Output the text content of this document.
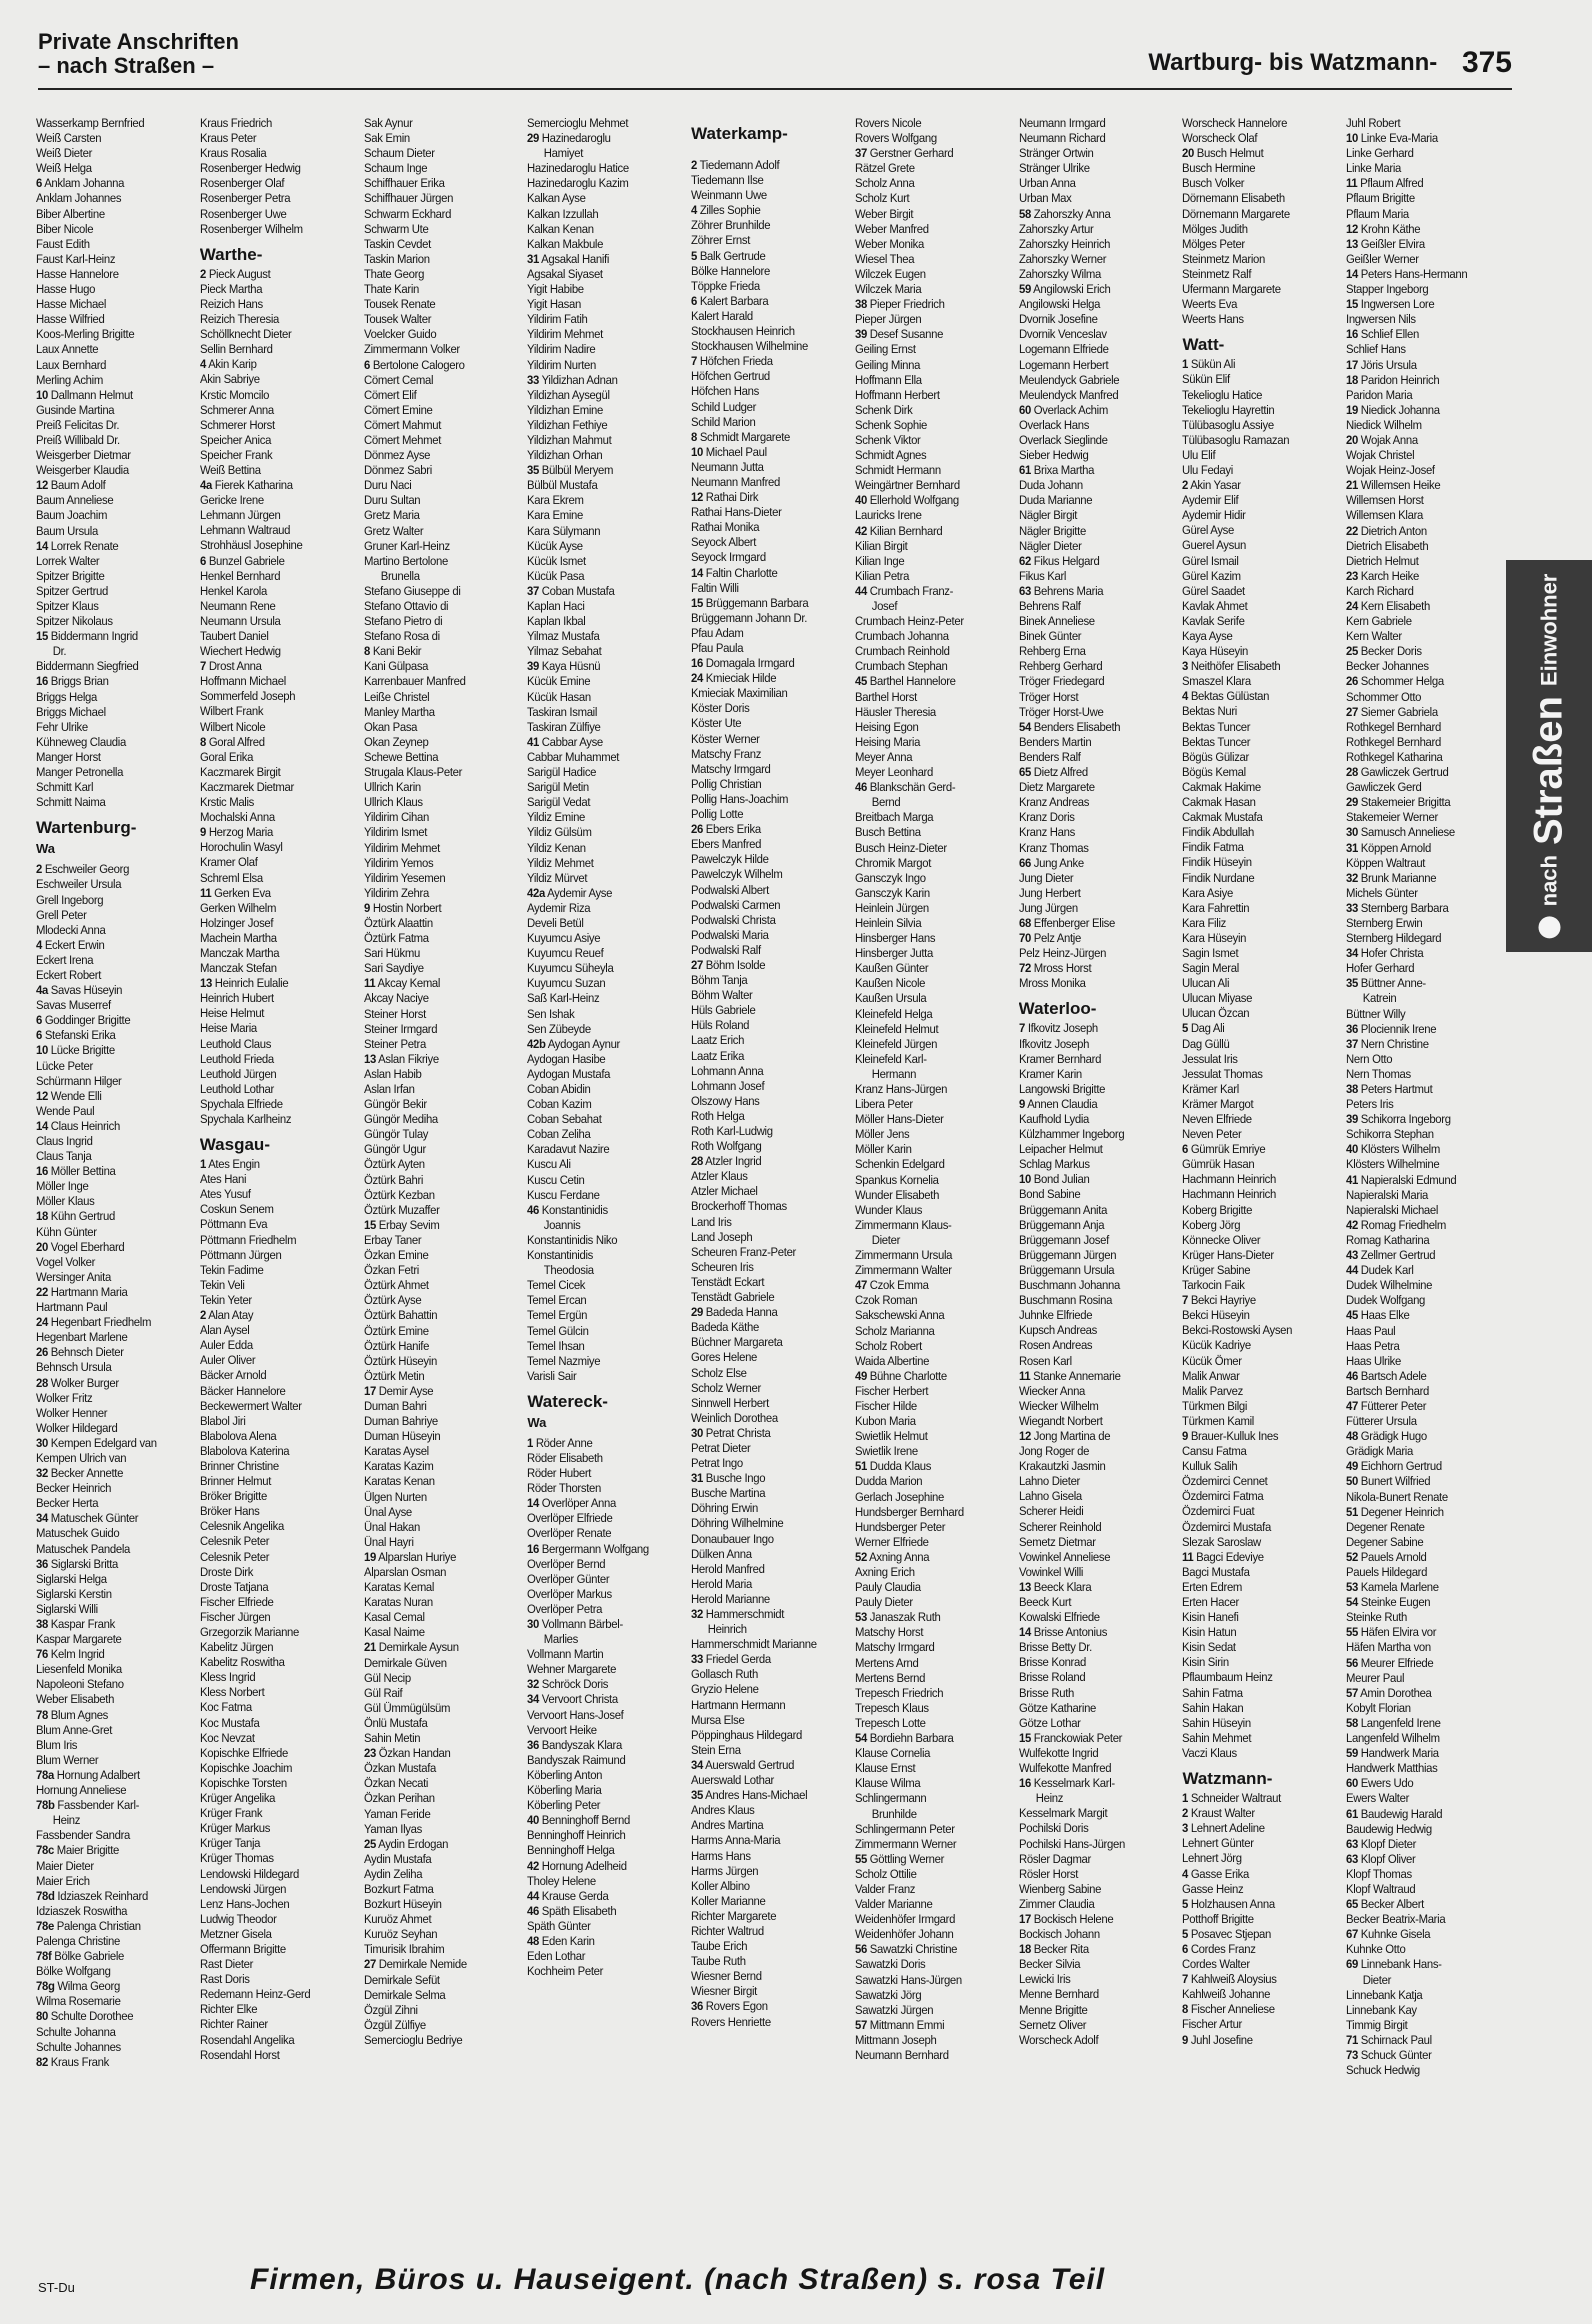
Private Anschriften
– nach Straßen –	Wartburg- bis Watzmann- 375
Wasserkamp Bernfried
Weiß Carsten
Weiß Dieter
Weiß Helga
6 Anklam Johanna
Anklam Johannes
Biber Albertine
Biber Nicole
Faust Edith
Faust Karl-Heinz
Hasse Hannelore
Hasse Hugo
Hasse Michael
Hasse Wilfried
Koos-Merling Brigitte
Laux Annette
Laux Bernhard
Merling Achim
10 Dallmann Helmut
Gusinde Martina
Preiß Felicitas Dr.
Preiß Willibald Dr.
Weisgerber Dietmar
Weisgerber Klaudia
12 Baum Adolf
Baum Anneliese
Baum Joachim
Baum Ursula
14 Lorrek Renate
Lorrek Walter
Spitzer Brigitte
Spitzer Gertrud
Spitzer Klaus
Spitzer Nikolaus
15 Biddermann Ingrid
Dr.
Biddermann Siegfried
16 Briggs Brian
Briggs Helga
Briggs Michael
Fehr Ulrike
Kühneweg Claudia
Manger Horst
Manger Petronella
Schmitt Karl
Schmitt Naima
Wartenburg-
Wa
2 Eschweiler Georg
Eschweiler Ursula
Grell Ingeborg
Grell Peter
Mlodecki Anna
4 Eckert Erwin
Eckert Irena
Eckert Robert
4a Savas Hüseyin
Savas Muserref
6 Goddinger Brigitte
6 Stefanski Erika
10 Lücke Brigitte
Lücke Peter
Schürmann Hilger
12 Wende Elli
Wende Paul
14 Claus Heinrich
Claus Ingrid
Claus Tanja
16 Möller Bettina
Möller Inge
Möller Klaus
18 Kühn Gertrud
Kühn Günter
20 Vogel Eberhard
Vogel Volker
Wersinger Anita
22 Hartmann Maria
Hartmann Paul
24 Hegenbart Friedhelm
Hegenbart Marlene
26 Behnsch Dieter
Behnsch Ursula
28 Wolker Burger
Wolker Fritz
Wolker Henner
Wolker Hildegard
30 Kempen Edelgard van
Kempen Ulrich van
32 Becker Annette
Becker Heinrich
Becker Herta
34 Matuschek Günter
Matuschek Guido
Matuschek Pandela
36 Siglarski Britta
Siglarski Helga
Siglarski Kerstin
Siglarski Willi
38 Kaspar Frank
Kaspar Margarete
76 Kelm Ingrid
Liesenfeld Monika
Napoleoni Stefano
Weber Elisabeth
78 Blum Agnes
Blum Anne-Gret
Blum Iris
Blum Werner
78a Hornung Adalbert
Hornung Anneliese
78b Fassbender Karl-
Heinz
Fassbender Sandra
78c Maier Brigitte
Maier Dieter
Maier Erich
78d Idziaszek Reinhard
Idziaszek Roswitha
78e Palenga Christian
Palenga Christine
78f Bölke Gabriele
Bölke Wolfgang
78g Wilma Georg
Wilma Rosemarie
80 Schulte Dorothee
Schulte Johanna
Schulte Johannes
82 Kraus Frank
Kraus Friedrich
Kraus Peter
Kraus Rosalia
Rosenberger Hedwig
Rosenberger Olaf
Rosenberger Petra
Rosenberger Uwe
Rosenberger Wilhelm
Warthe-
2 Pieck August
Pieck Martha
Reizich Hans
Reizich Theresia
Schöllknecht Dieter
Sellin Bernhard
4 Akin Karip
Akin Sabriye
Krstic Momcilo
Schmerer Anna
Schmerer Horst
Speicher Anica
Speicher Frank
Weiß Bettina
4a Fierek Katharina
Gericke Irene
Lehmann Jürgen
Lehmann Waltraud
Strohhäusl Josephine
6 Bunzel Gabriele
Henkel Bernhard
Henkel Karola
Neumann Rene
Neumann Ursula
Taubert Daniel
Wiechert Hedwig
7 Drost Anna
Hoffmann Michael
Sommerfeld Joseph
Wilbert Frank
Wilbert Nicole
8 Goral Alfred
Goral Erika
Kaczmarek Birgit
Kaczmarek Dietmar
Krstic Malis
Mochalski Anna
9 Herzog Maria
Horochulin Wasyl
Kramer Olaf
Schreml Elsa
11 Gerken Eva
Gerken Wilhelm
Holzinger Josef
Machein Martha
Manczak Martha
Manczak Stefan
13 Heinrich Eulalie
Heinrich Hubert
Heise Helmut
Heise Maria
Leuthold Claus
Leuthold Frieda
Leuthold Jürgen
Leuthold Lothar
Spychala Elfriede
Spychala Karlheinz
Wasgau-
1 Ates Engin
Ates Hani
Ates Yusuf
Coskun Senem
Pöttmann Eva
Pöttmann Friedhelm
Pöttmann Jürgen
Tekin Fadime
Tekin Veli
Tekin Yeter
2 Alan Atay
Alan Aysel
Auler Edda
Auler Oliver
Bäcker Arnold
Bäcker Hannelore
Beckewermert Walter
Blabol Jiri
Blabolova Alena
Blabolova Katerina
Brinner Christine
Brinner Helmut
Bröker Brigitte
Bröker Hans
Celesnik Angelika
Celesnik Peter
Celesnik Peter
Droste Dirk
Droste Tatjana
Fischer Elfriede
Fischer Jürgen
Grzegorzik Marianne
Kabelitz Jürgen
Kabelitz Roswitha
Kless Ingrid
Kless Norbert
Koc Fatma
Koc Mustafa
Koc Nevzat
Kopischke Elfriede
Kopischke Joachim
Kopischke Torsten
Krüger Angelika
Krüger Frank
Krüger Markus
Krüger Tanja
Krüger Thomas
Lendowski Hildegard
Lendowski Jürgen
Lenz Hans-Jochen
Ludwig Theodor
Metzner Gisela
Offermann Brigitte
Rast Dieter
Rast Doris
Redemann Heinz-Gerd
Richter Elke
Richter Rainer
Rosendahl Angelika
Rosendahl Horst
Sak Aynur
Sak Emin
Schaum Dieter
Schaum Inge
Schiffhauer Erika
Schiffhauer Jürgen
Schwarm Eckhard
Schwarm Ute
Taskin Cevdet
Taskin Marion
Thate Georg
Thate Karin
Tousek Renate
Tousek Walter
Voelcker Guido
Zimmermann Volker
6 Bertolone Calogero
Cömert Cemal
Cömert Elif
Cömert Emine
Cömert Mahmut
Cömert Mehmet
Dönmez Ayse
Dönmez Sabri
Duru Naci
Duru Sultan
Gretz Maria
Gretz Walter
Gruner Karl-Heinz
Martino Bertolone
Brunella
Stefano Giuseppe di
Stefano Ottavio di
Stefano Pietro di
Stefano Rosa di
8 Kani Bekir
Kani Gülpasa
Karrenbauer Manfred
Leiße Christel
Manley Martha
Okan Pasa
Okan Zeynep
Schewe Bettina
Strugala Klaus-Peter
Ullrich Karin
Ullrich Klaus
Yildirim Cihan
Yildirim Ismet
Yildirim Mehmet
Yildirim Yemos
Yildirim Yesemen
Yildirim Zehra
9 Hostin Norbert
Öztürk Alaattin
Öztürk Fatma
Sari Hükmu
Sari Saydiye
11 Akcay Kemal
Akcay Naciye
Steiner Horst
Steiner Irmgard
Steiner Petra
13 Aslan Fikriye
Aslan Habib
Aslan Irfan
Güngör Bekir
Güngör Mediha
Güngör Tulay
Güngör Ugur
Öztürk Ayten
Öztürk Bahri
Öztürk Kezban
Öztürk Muzaffer
15 Erbay Sevim
Erbay Taner
Özkan Emine
Özkan Fetri
Öztürk Ahmet
Öztürk Ayse
Öztürk Bahattin
Öztürk Emine
Öztürk Hanife
Öztürk Hüseyin
Öztürk Metin
17 Demir Ayse
Duman Bahri
Duman Bahriye
Duman Hüseyin
Karatas Aysel
Karatas Kazim
Karatas Kenan
Ülgen Nurten
Ünal Ayse
Ünal Hakan
Ünal Hayri
19 Alparslan Huriye
Alparslan Osman
Karatas Kemal
Karatas Nuran
Kasal Cemal
Kasal Naime
21 Demirkale Aysun
Demirkale Güven
Gül Necip
Gül Raif
Gül Ümmügülsüm
Önlü Mustafa
Sahin Metin
23 Özkan Handan
Özkan Mustafa
Özkan Necati
Özkan Perihan
Yaman Feride
Yaman Ilyas
25 Aydin Erdogan
Aydin Mustafa
Aydin Zeliha
Bozkurt Fatma
Bozkurt Hüseyin
Kuruöz Ahmet
Kuruöz Seyhan
Timurisik Ibrahim
27 Demirkale Nemide
Demirkale Sefüt
Demirkale Selma
Özgül Zihni
Özgül Zülfiye
Semercioglu Bedriye
Semercioglu Mehmet
29 Hazinedaroglu
Hamiyet
Hazinedaroglu Hatice
Hazinedaroglu Kazim
Kalkan Ayse
Kalkan Izzullah
Kalkan Kenan
Kalkan Makbule
31 Agsakal Hanifi
Agsakal Siyaset
Yigit Habibe
Yigit Hasan
Yildirim Fatih
Yildirim Mehmet
Yildirim Nadire
Yildirim Nurten
33 Yildizhan Adnan
Yildizhan Aysegül
Yildizhan Emine
Yildizhan Fethiye
Yildizhan Mahmut
Yildizhan Orhan
35 Bülbül Meryem
Bülbül Mustafa
Kara Ekrem
Kara Emine
Kara Sülymann
Kücük Ayse
Kücük Ismet
Kücük Pasa
37 Coban Mustafa
Kaplan Haci
Kaplan Ikbal
Yilmaz Mustafa
Yilmaz Sebahat
39 Kaya Hüsnü
Kücük Emine
Kücük Hasan
Taskiran Ismail
Taskiran Zülfiye
41 Cabbar Ayse
Cabbar Muhammet
Sarigül Hadice
Sarigül Metin
Sarigül Vedat
Yildiz Emine
Yildiz Gülsüm
Yildiz Kenan
Yildiz Mehmet
Yildiz Mürvet
42a Aydemir Ayse
Aydemir Riza
Develi Betül
Kuyumcu Asiye
Kuyumcu Reuef
Kuyumcu Süheyla
Kuyumcu Suzan
Saß Karl-Heinz
Sen Ishak
Sen Zübeyde
42b Aydogan Aynur
Aydogan Hasibe
Aydogan Mustafa
Coban Abidin
Coban Kazim
Coban Sebahat
Coban Zeliha
Karadavut Nazire
Kuscu Ali
Kuscu Cetin
Kuscu Ferdane
46 Konstantinidis
Joannis
Konstantinidis Niko
Konstantinidis
Theodosia
Temel Cicek
Temel Ercan
Temel Ergün
Temel Gülcin
Temel Ihsan
Temel Nazmiye
Varisli Sair
Watereck-
Wa
1 Röder Anne
Röder Elisabeth
Röder Hubert
Röder Thorsten
14 Overlöper Anna
Overlöper Elfriede
Overlöper Renate
16 Bergermann Wolfgang
Overlöper Bernd
Overlöper Günter
Overlöper Markus
Overlöper Petra
30 Vollmann Bärbel-
Marlies
Vollmann Martin
Wehner Margarete
32 Schröck Doris
34 Vervoort Christa
Vervoort Hans-Josef
Vervoort Heike
36 Bandyszak Klara
Bandyszak Raimund
Köberling Anton
Köberling Maria
Köberling Peter
40 Benninghoff Bernd
Benninghoff Heinrich
Benninghoff Helga
42 Hornung Adelheid
Tholey Helene
44 Krause Gerda
46 Späth Elisabeth
Späth Günter
48 Eden Karin
Eden Lothar
Kochheim Peter
Waterkamp-
2 Tiedemann Adolf
Tiedemann Ilse
Weinmann Uwe
4 Zilles Sophie
Zöhrer Brunhilde
Zöhrer Ernst
5 Balk Gertrude
Bölke Hannelore
Töppke Frieda
6 Kalert Barbara
Kalert Harald
Stockhausen Heinrich
Stockhausen Wilhelmine
7 Höfchen Frieda
Höfchen Gertrud
Höfchen Hans
Schild Ludger
Schild Marion
8 Schmidt Margarete
10 Michael Paul
Neumann Jutta
Neumann Manfred
12 Rathai Dirk
Rathai Hans-Dieter
Rathai Monika
Seyock Albert
Seyock Irmgard
14 Faltin Charlotte
Faltin Willi
15 Brüggemann Barbara
Brüggemann Johann Dr.
Pfau Adam
Pfau Paula
16 Domagala Irmgard
24 Kmieciak Hilde
Kmieciak Maximilian
Köster Doris
Köster Ute
Köster Werner
Matschy Franz
Matschy Irmgard
Pollig Christian
Pollig Hans-Joachim
Pollig Lotte
26 Ebers Erika
Ebers Manfred
Pawelczyk Hilde
Pawelczyk Wilhelm
Podwalski Albert
Podwalski Carmen
Podwalski Christa
Podwalski Maria
Podwalski Ralf
27 Böhm Isolde
Böhm Tanja
Böhm Walter
Hüls Gabriele
Hüls Roland
Laatz Erich
Laatz Erika
Lohmann Anna
Lohmann Josef
Olszowy Hans
Roth Helga
Roth Karl-Ludwig
Roth Wolfgang
28 Atzler Ingrid
Atzler Klaus
Atzler Michael
Brockerhoff Thomas
Land Iris
Land Joseph
Scheuren Franz-Peter
Scheuren Iris
Tenstädt Eckart
Tenstädt Gabriele
29 Badeda Hanna
Badeda Käthe
Büchner Margareta
Gores Helene
Scholz Else
Scholz Werner
Sinnwell Herbert
Weinlich Dorothea
30 Petrat Christa
Petrat Dieter
Petrat Ingo
31 Busche Ingo
Busche Martina
Döhring Erwin
Döhring Wilhelmine
Donaubauer Ingo
Dülken Anna
Herold Manfred
Herold Maria
Herold Marianne
32 Hammerschmidt
Heinrich
Hammerschmidt Marianne
33 Friedel Gerda
Gollasch Ruth
Gryzio Helene
Hartmann Hermann
Mursa Else
Pöppinghaus Hildegard
Stein Erna
34 Auerswald Gertrud
Auerswald Lothar
35 Andres Hans-Michael
Andres Klaus
Andres Martina
Harms Anna-Maria
Harms Hans
Harms Jürgen
Koller Albino
Koller Marianne
Richter Margarete
Richter Waltrud
Taube Erich
Taube Ruth
Wiesner Bernd
Wiesner Birgit
36 Rovers Egon
Rovers Henriette
Rovers Nicole
Rovers Wolfgang
37 Gerstner Gerhard
Rätzel Grete
Scholz Anna
Scholz Kurt
Weber Birgit
Weber Manfred
Weber Monika
Wiesel Thea
Wilczek Eugen
Wilczek Maria
38 Pieper Friedrich
Pieper Jürgen
39 Desef Susanne
Geiling Ernst
Geiling Minna
Hoffmann Ella
Hoffmann Herbert
Schenk Dirk
Schenk Sophie
Schenk Viktor
Schmidt Agnes
Schmidt Hermann
Weingärtner Bernhard
40 Ellerhold Wolfgang
Lauricks Irene
42 Kilian Bernhard
Kilian Birgit
Kilian Inge
Kilian Petra
44 Crumbach Franz-
Josef
Crumbach Heinz-Peter
Crumbach Johanna
Crumbach Reinhold
Crumbach Stephan
45 Barthel Hannelore
Barthel Horst
Häusler Theresia
Heising Egon
Heising Maria
Meyer Anna
Meyer Leonhard
46 Blankschän Gerd-
Bernd
Breitbach Marga
Busch Bettina
Busch Heinz-Dieter
Chromik Margot
Gansczyk Ingo
Gansczyk Karin
Heinlein Jürgen
Heinlein Silvia
Hinsberger Hans
Hinsberger Jutta
Kaußen Günter
Kaußen Nicole
Kaußen Ursula
Kleinefeld Helga
Kleinefeld Helmut
Kleinefeld Jürgen
Kleinefeld Karl-
Hermann
Kranz Hans-Jürgen
Libera Peter
Möller Hans-Dieter
Möller Jens
Möller Karin
Schenkin Edelgard
Spankus Kornelia
Wunder Elisabeth
Wunder Klaus
Zimmermann Klaus-
Dieter
Zimmermann Ursula
Zimmermann Walter
47 Czok Emma
Czok Roman
Sakschewski Anna
Scholz Marianna
Scholz Robert
Waida Albertine
49 Bühne Charlotte
Fischer Herbert
Fischer Hilde
Kubon Maria
Swietlik Helmut
Swietlik Irene
51 Dudda Klaus
Dudda Marion
Gerlach Josephine
Hundsberger Bernhard
Hundsberger Peter
Werner Elfriede
52 Axning Anna
Axning Erich
Pauly Claudia
Pauly Dieter
53 Janaszak Ruth
Matschy Horst
Matschy Irmgard
Mertens Arnd
Mertens Bernd
Trepesch Friedrich
Trepesch Klaus
Trepesch Lotte
54 Bordiehn Barbara
Klause Cornelia
Klause Ernst
Klause Wilma
Schlingermann
Brunhilde
Schlingermann Peter
Zimmermann Werner
55 Göttling Werner
Scholz Ottilie
Valder Franz
Valder Marianne
Weidenhöfer Irmgard
Weidenhöfer Johann
56 Sawatzki Christine
Sawatzki Doris
Sawatzki Hans-Jürgen
Sawatzki Jörg
Sawatzki Jürgen
57 Mittmann Emmi
Mittmann Joseph
Neumann Bernhard
Neumann Irmgard
Neumann Richard
Stränger Ortwin
Stränger Ulrike
Urban Anna
Urban Max
58 Zahorszky Anna
Zahorszky Artur
Zahorszky Heinrich
Zahorszky Werner
Zahorszky Wilma
59 Angilowski Erich
Angilowski Helga
Dvornik Josefine
Dvornik Venceslav
Logemann Elfriede
Logemann Herbert
Meulendyck Gabriele
Meulendyck Manfred
60 Overlack Achim
Overlack Hans
Overlack Sieglinde
Sieber Hedwig
61 Brixa Martha
Duda Johann
Duda Marianne
Nägler Birgit
Nägler Brigitte
Nägler Dieter
62 Fikus Helgard
Fikus Karl
63 Behrens Maria
Behrens Ralf
Binek Anneliese
Binek Günter
Rehberg Erna
Rehberg Gerhard
Tröger Friedegard
Tröger Horst
Tröger Horst-Uwe
54 Benders Elisabeth
Benders Martin
Benders Ralf
65 Dietz Alfred
Dietz Margarete
Kranz Andreas
Kranz Doris
Kranz Hans
Kranz Thomas
66 Jung Anke
Jung Dieter
Jung Herbert
Jung Jürgen
68 Effenberger Elise
70 Pelz Antje
Pelz Heinz-Jürgen
72 Mross Horst
Mross Monika
Waterloo-
7 Ifkovitz Joseph
Ifkovitz Joseph
Kramer Bernhard
Kramer Karin
Langowski Brigitte
9 Annen Claudia
Kaufhold Lydia
Külzhammer Ingeborg
Leipacher Helmut
Schlag Markus
10 Bond Julian
Bond Sabine
Brüggemann Anita
Brüggemann Anja
Brüggemann Josef
Brüggemann Jürgen
Brüggemann Ursula
Buschmann Johanna
Buschmann Rosina
Juhnke Elfriede
Kupsch Andreas
Rosen Andreas
Rosen Karl
11 Stanke Annemarie
Wiecker Anna
Wiecker Wilhelm
Wiegandt Norbert
12 Jong Martina de
Jong Roger de
Krakautzki Jasmin
Lahno Dieter
Lahno Gisela
Scherer Heidi
Scherer Reinhold
Semetz Dietmar
Vowinkel Anneliese
Vowinkel Willi
13 Beeck Klara
Beeck Kurt
Kowalski Elfriede
14 Brisse Antonius
Brisse Betty Dr.
Brisse Konrad
Brisse Roland
Brisse Ruth
Götze Katharine
Götze Lothar
15 Franckowiak Peter
Wulfekotte Ingrid
Wulfekotte Manfred
16 Kesselmark Karl-
Heinz
Kesselmark Margit
Pochilski Doris
Pochilski Hans-Jürgen
Rösler Dagmar
Rösler Horst
Wienberg Sabine
Zimmer Claudia
17 Bockisch Helene
Bockisch Johann
18 Becker Rita
Becker Silvia
Lewicki Iris
Menne Bernhard
Menne Brigitte
Sernetz Oliver
Worscheck Adolf
Worscheck Hannelore
Worscheck Olaf
20 Busch Helmut
Busch Hermine
Busch Volker
Dörnemann Elisabeth
Dörnemann Margarete
Mölges Judith
Mölges Peter
Steinmetz Marion
Steinmetz Ralf
Ufermann Margarete
Weerts Eva
Weerts Hans
Watt-
1 Sükün Ali
Sükün Elif
Tekelioglu Hatice
Tekelioglu Hayrettin
Tülübasoglu Assiye
Tülübasoglu Ramazan
Ulu Elif
Ulu Fedayi
2 Akin Yasar
Aydemir Elif
Aydemir Hidir
Gürel Ayse
Guerel Aysun
Gürel Ismail
Gürel Kazim
Gürel Saadet
Kavlak Ahmet
Kavlak Serife
Kaya Ayse
Kaya Hüseyin
3 Neithöfer Elisabeth
Smaszel Klara
4 Bektas Gülüstan
Bektas Nuri
Bektas Tuncer
Bektas Tuncer
Bögüs Gülizar
Bögüs Kemal
Cakmak Hakime
Cakmak Hasan
Cakmak Mustafa
Findik Abdullah
Findik Fatma
Findik Hüseyin
Findik Nurdane
Kara Asiye
Kara Fahrettin
Kara Filiz
Kara Hüseyin
Sagin Ismet
Sagin Meral
Ulucan Ali
Ulucan Miyase
Ulucan Özcan
5 Dag Ali
Dag Güllü
Jessulat Iris
Jessulat Thomas
Krämer Karl
Krämer Margot
Neven Elfriede
Neven Peter
6 Gümrük Emriye
Gümrük Hasan
Hachmann Heinrich
Hachmann Heinrich
Koberg Brigitte
Koberg Jörg
Könnecke Oliver
Krüger Hans-Dieter
Krüger Sabine
Tarkocin Faik
7 Bekci Hayriye
Bekci Hüseyin
Bekci-Rostowski Aysen
Kücük Kadriye
Kücük Ömer
Malik Anwar
Malik Parvez
Türkmen Bilgi
Türkmen Kamil
9 Brauer-Kulluk Ines
Cansu Fatma
Kulluk Salih
Özdemirci Cennet
Özdemirci Fatma
Özdemirci Fuat
Özdemirci Mustafa
Slezak Saroslaw
11 Bagci Edeviye
Bagci Mustafa
Erten Edrem
Erten Hacer
Kisin Hanefi
Kisin Hatun
Kisin Sedat
Kisin Sirin
Pflaumbaum Heinz
Sahin Fatma
Sahin Hakan
Sahin Hüseyin
Sahin Mehmet
Vaczi Klaus
Watzmann-
1 Schneider Waltraut
2 Kraust Walter
3 Lehnert Adeline
Lehnert Günter
Lehnert Jörg
4 Gasse Erika
Gasse Heinz
5 Holzhausen Anna
Potthoff Brigitte
5 Posavec Stjepan
6 Cordes Franz
Cordes Walter
7 Kahlweiß Aloysius
Kahlweiß Johanne
8 Fischer Anneliese
Fischer Artur
9 Juhl Josefine
Juhl Robert
10 Linke Eva-Maria
Linke Gerhard
Linke Maria
11 Pflaum Alfred
Pflaum Brigitte
Pflaum Maria
12 Krohn Käthe
13 Geißler Elvira
Geißler Werner
14 Peters Hans-Hermann
Stapper Ingeborg
15 Ingwersen Lore
Ingwersen Nils
16 Schlief Ellen
Schlief Hans
17 Jöris Ursula
18 Paridon Heinrich
Paridon Maria
19 Niedick Johanna
Niedick Wilhelm
20 Wojak Anna
Wojak Christel
Wojak Heinz-Josef
21 Willemsen Heike
Willemsen Horst
Willemsen Klara
22 Dietrich Anton
Dietrich Elisabeth
Dietrich Helmut
23 Karch Heike
Karch Richard
24 Kern Elisabeth
Kern Gabriele
Kern Walter
25 Becker Doris
Becker Johannes
26 Schommer Helga
Schommer Otto
27 Siemer Gabriela
Rothkegel Bernhard
Rothkegel Bernhard
Rothkegel Katharina
28 Gawliczek Gertrud
Gawliczek Gerd
29 Stakemeier Brigitta
Stakemeier Werner
30 Samusch Anneliese
31 Köppen Arnold
Köppen Waltraut
32 Brunk Marianne
Michels Günter
33 Sternberg Barbara
Sternberg Erwin
Sternberg Hildegard
34 Hofer Christa
Hofer Gerhard
35 Büttner Anne-
Katrein
Büttner Willy
36 Plociennik Irene
37 Nern Christine
Nern Otto
Nern Thomas
38 Peters Hartmut
Peters Iris
39 Schikorra Ingeborg
Schikorra Stephan
40 Klösters Wilhelm
Klösters Wilhelmine
41 Napieralski Edmund
Napieralski Maria
Napieralski Michael
42 Romag Friedhelm
Romag Katharina
43 Zellmer Gertrud
44 Dudek Karl
Dudek Wilhelmine
Dudek Wolfgang
45 Haas Elke
Haas Paul
Haas Petra
Haas Ulrike
46 Bartsch Adele
Bartsch Bernhard
47 Fütterer Peter
Fütterer Ursula
48 Grädigk Hugo
Grädigk Maria
49 Eichhorn Gertrud
50 Bunert Wilfried
Nikola-Bunert Renate
51 Degener Heinrich
Degener Renate
Degener Sabine
52 Pauels Arnold
Pauels Hildegard
53 Kamela Marlene
54 Steinke Eugen
Steinke Ruth
55 Häfen Elvira vor
Häfen Martha von
56 Meurer Elfriede
Meurer Paul
57 Amin Dorothea
Kobylt Florian
58 Langenfeld Irene
Langenfeld Wilhelm
59 Handwerk Maria
Handwerk Matthias
60 Ewers Udo
Ewers Walter
61 Baudewig Harald
Baudewig Hedwig
63 Klopf Dieter
63 Klopf Oliver
Klopf Thomas
Klopf Waltraud
65 Becker Albert
Becker Beatrix-Maria
67 Kuhnke Gisela
Kuhnke Otto
69 Linnebank Hans-
Dieter
Linnebank Katja
Linnebank Kay
Timmig Birgit
71 Schirnack Paul
73 Schuck Günter
Schuck Hedwig
nach
Straßen
Einwohner
ST-Du	Firmen, Büros u. Hauseigent. (nach Straßen) s. rosa Teil
